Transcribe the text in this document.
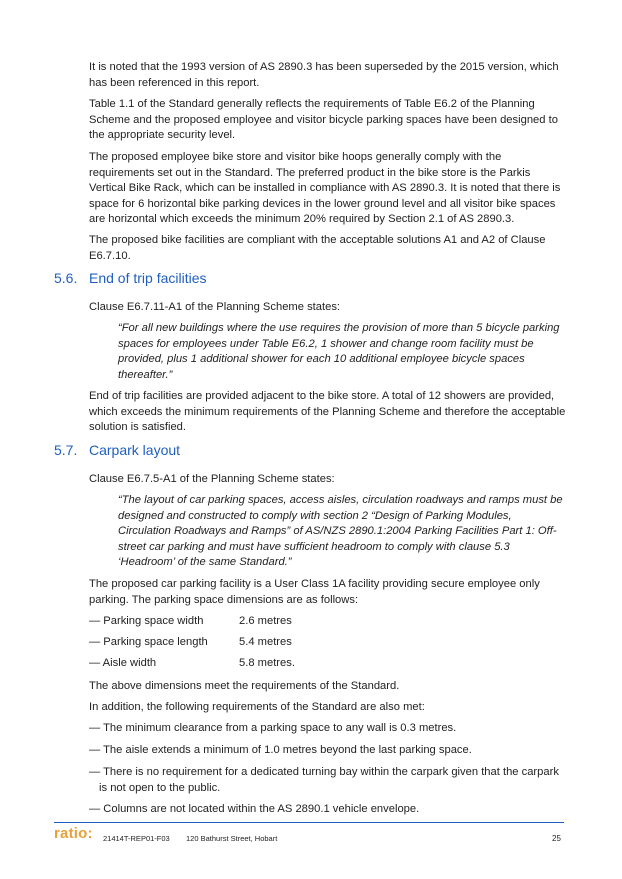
It is noted that the 1993 version of AS 2890.3 has been superseded by the 2015 version, which has been referenced in this report.

Table 1.1 of the Standard generally reflects the requirements of Table E6.2 of the Planning Scheme and the proposed employee and visitor bicycle parking spaces have been designed to the appropriate security level.

The proposed employee bike store and visitor bike hoops generally comply with the requirements set out in the Standard. The preferred product in the bike store is the Parkis Vertical Bike Rack, which can be installed in compliance with AS 2890.3. It is noted that there is space for 6 horizontal bike parking devices in the lower ground level and all visitor bike spaces are horizontal which exceeds the minimum 20% required by Section 2.1 of AS 2890.3.

The proposed bike facilities are compliant with the acceptable solutions A1 and A2 of Clause E6.7.10.

5.6. End of trip facilities

Clause E6.7.11-A1 of the Planning Scheme states:

“For all new buildings where the use requires the provision of more than 5 bicycle parking spaces for employees under Table E6.2, 1 shower and change room facility must be provided, plus 1 additional shower for each 10 additional employee bicycle spaces thereafter.”

End of trip facilities are provided adjacent to the bike store. A total of 12 showers are provided, which exceeds the minimum requirements of the Planning Scheme and therefore the acceptable solution is satisfied.

5.7. Carpark layout

Clause E6.7.5-A1 of the Planning Scheme states:

“The layout of car parking spaces, access aisles, circulation roadways and ramps must be designed and constructed to comply with section 2 “Design of Parking Modules, Circulation Roadways and Ramps” of AS/NZS 2890.1:2004 Parking Facilities Part 1: Off-street car parking and must have sufficient headroom to comply with clause 5.3 ‘Headroom’ of the same Standard.”

The proposed car parking facility is a User Class 1A facility providing secure employee only parking. The parking space dimensions are as follows:

— Parking space width	2.6 metres
— Parking space length	5.4 metres
— Aisle width	5.8 metres.

The above dimensions meet the requirements of the Standard.

In addition, the following requirements of the Standard are also met:

— The minimum clearance from a parking space to any wall is 0.3 metres.

— The aisle extends a minimum of 1.0 metres beyond the last parking space.

— There is no requirement for a dedicated turning bay within the carpark given that the carpark is not open to the public.

— Columns are not located within the AS 2890.1 vehicle envelope.

ratio: 21414T-REP01-F03 120 Bathurst Street, Hobart	25
